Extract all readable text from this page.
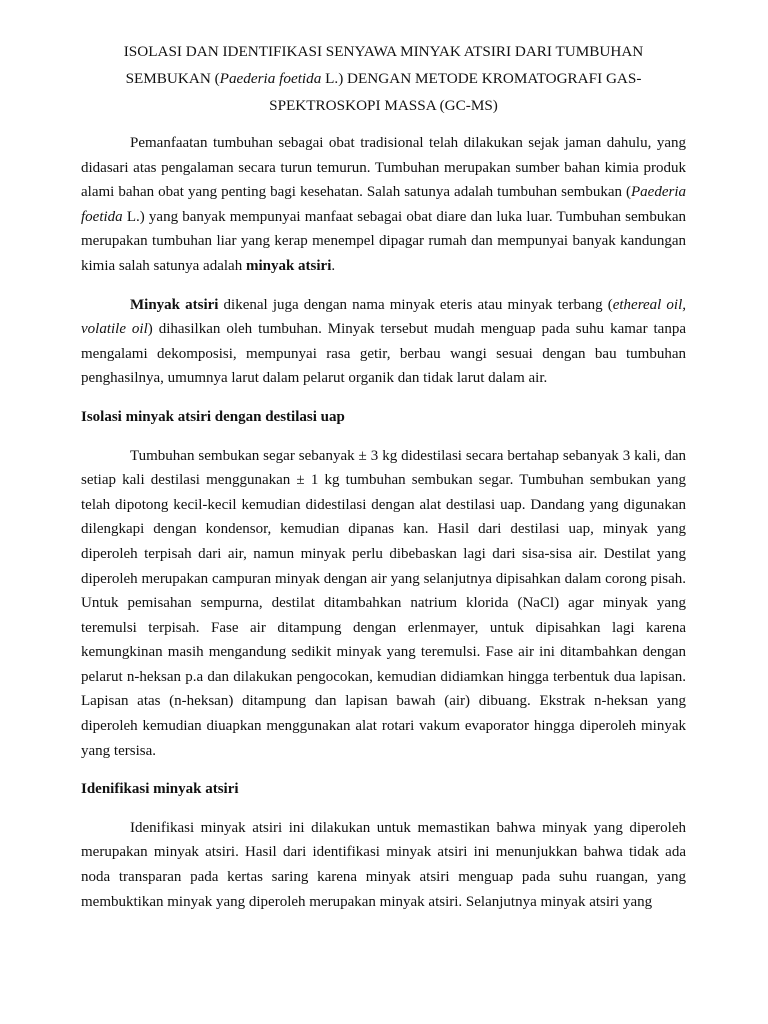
ISOLASI DAN IDENTIFIKASI SENYAWA MINYAK ATSIRI DARI TUMBUHAN
SEMBUKAN (Paederia foetida L.) DENGAN METODE KROMATOGRAFI GAS-
SPEKTROSKOPI MASSA (GC-MS)

Pemanfaatan tumbuhan sebagai obat tradisional telah dilakukan sejak jaman dahulu, yang didasari atas pengalaman secara turun temurun. Tumbuhan merupakan sumber bahan kimia produk alami bahan obat yang penting bagi kesehatan. Salah satunya adalah tumbuhan sembukan (Paederia foetida L.) yang banyak mempunyai manfaat sebagai obat diare dan luka luar. Tumbuhan sembukan merupakan tumbuhan liar yang kerap menempel dipagar rumah dan mempunyai banyak kandungan kimia salah satunya adalah minyak atsiri.

Minyak atsiri dikenal juga dengan nama minyak eteris atau minyak terbang (ethereal oil, volatile oil) dihasilkan oleh tumbuhan. Minyak tersebut mudah menguap pada suhu kamar tanpa mengalami dekomposisi, mempunyai rasa getir, berbau wangi sesuai dengan bau tumbuhan penghasilnya, umumnya larut dalam pelarut organik dan tidak larut dalam air.

Isolasi minyak atsiri dengan destilasi uap

Tumbuhan sembukan segar sebanyak ± 3 kg didestilasi secara bertahap sebanyak 3 kali, dan setiap kali destilasi menggunakan ± 1 kg tumbuhan sembukan segar. Tumbuhan sembukan yang telah dipotong kecil-kecil kemudian didestilasi dengan alat destilasi uap. Dandang yang digunakan dilengkapi dengan kondensor, kemudian dipanas kan. Hasil dari destilasi uap, minyak yang diperoleh terpisah dari air, namun minyak perlu dibebaskan lagi dari sisa-sisa air. Destilat yang diperoleh merupakan campuran minyak dengan air yang selanjutnya dipisahkan dalam corong pisah. Untuk pemisahan sempurna, destilat ditambahkan natrium klorida (NaCl) agar minyak yang teremulsi terpisah. Fase air ditampung dengan erlenmayer, untuk dipisahkan lagi karena kemungkinan masih mengandung sedikit minyak yang teremulsi. Fase air ini ditambahkan dengan pelarut n-heksan p.a dan dilakukan pengocokan, kemudian didiamkan hingga terbentuk dua lapisan. Lapisan atas (n-heksan) ditampung dan lapisan bawah (air) dibuang. Ekstrak n-heksan yang diperoleh kemudian diuapkan menggunakan alat rotari vakum evaporator hingga diperoleh minyak yang tersisa.

Idenifikasi minyak atsiri

Idenifikasi minyak atsiri ini dilakukan untuk memastikan bahwa minyak yang diperoleh merupakan minyak atsiri. Hasil dari identifikasi minyak atsiri ini menunjukkan bahwa tidak ada noda transparan pada kertas saring karena minyak atsiri menguap pada suhu ruangan, yang membuktikan minyak yang diperoleh merupakan minyak atsiri. Selanjutnya minyak atsiri yang
